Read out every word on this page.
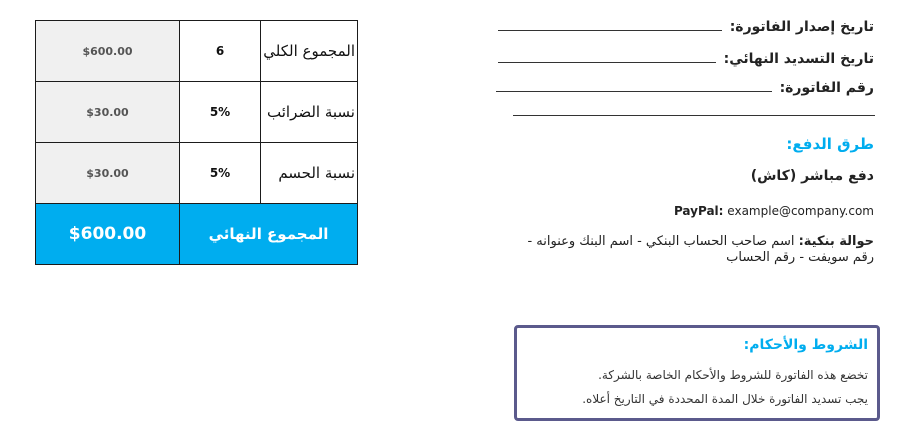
$600.00	6	المجموع الكلي
$30.00	5%	نسبة الضرائب
$30.00	5%	نسبة الحسم
$600.00	المجموع النهائي
تاريخ إصدار الفاتورة:
تاريخ التسديد النهائي:
رقم الفاتورة:
طرق الدفع:
دفع مباشر (كاش)
PayPal: example@company.com
حوالة بنكية: اسم صاحب الحساب البنكي - اسم البنك وعنوانه - رقم سويفت - رقم الحساب
الشروط والأحكام:
تخضع هذه الفاتورة للشروط والأحكام الخاصة بالشركة.
يجب تسديد الفاتورة خلال المدة المحددة في التاريخ أعلاه.
